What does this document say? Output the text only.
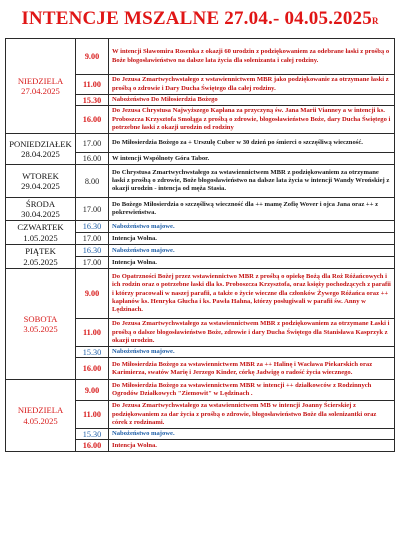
INTENCJE MSZALNE 27.04.- 04.05.2025R
NIEDZIELA
27.04.2025	9.00	W intencji Sławomira Rosenka z okazji 60 urodzin z podziękowaniem za odebrane łaski z prośbą o Boże błogosławieństwo na dalsze lata życia dla solenizanta i całej rodziny.
	11.00	Do Jezusa Zmartwychwstałego z wstawiennictwem MBR jako podziękowanie za otrzymane łaski z prośbą o zdrowie i Dary Ducha Świętego dla całej rodziny.
	15.30	Nabożeństwo Do Miłosierdzia Bożego
	16.00	Do Jezusa Chrystusa Najwyższego Kapłana za przyczyną św. Jana Marii Vianney a w intencji ks. Proboszcza Krzysztofa Smołąga z prośbą o zdrowie, błogosławieństwo Boże, dary Ducha Świętego i potrzebne łaski z okazji urodzin od rodziny

PONIEDZIAŁEK
28.04.2025	17.00	Do Miłosierdzia Bożego za + Urszulę Cuber w 30 dzień po śmierci o szczęśliwą wieczność.
	16.00	W intencji Wspólnoty Góra Tabor.

WTOREK
29.04.2025	8.00	Do Chrystusa Zmartwychwstałego za wstawiennictwem MBR z podziękowaniem za otrzymane łaski z prośbą o zdrowie, Boże błogosławieństwo na dalsze lata życia w intencji Wandy Wrońskiej z okazji urodzin - intencja od męża Stasia.

ŚRODA
30.04.2025	17.00	Do Bożego Miłosierdzia o szczęśliwą wieczność dla ++ mamę Zofię Wover i ojca Jana oraz ++ z pokrewieństwa.

CZWARTEK
1.05.2025	16.30	Nabożeństwo majowe.
	17.00	Intencja Wolna.

PIĄTEK
2.05.2025	16.30	Nabożeństwo majowe.
	17.00	Intencja Wolna.

SOBOTA
3.05.2025	9.00	Do Opatrzności Bożej przez wstawiennictwo MBR z prośbą o opiekę Bożą dla Roż Różańcowych i ich rodzin oraz o potrzebne łaski dla ks. Proboszcza Krzysztofa, oraz księży pochodzących z parafii i którzy pracowali w naszej parafii, a także o życie wieczne dla członków Żywego Różańca oraz ++ kapłanów ks. Henryka Głucha i ks. Pawła Hahna, którzy posługiwali w parafii św. Anny w Lędzinach.
	11.00	Do Jezusa Zmartwychwstałego za wstawiennictwem MBR z podziękowaniem za otrzymane Łaski i prośbą o dalsze błogosławieństwo Boże, zdrowie i dary Ducha Świętego dla Stanisława Kasprzyk z okazji urodzin.
	15.30	Nabożeństwo majowe.
	16.00	Do Miłosierdzia Bożego za wstawiennictwem MBR za ++ Halinę i Wacława Piekarskich oraz Karimierza, swatów Marię i Jerzego Kinder, córkę Jadwigę o radość życia wiecznego.

NIEDZIELA
4.05.2025	9.00	Do Miłosierdzia Bożego za wstawiennictwem MBR w intencji ++ działkowców z Rodzinnych Ogrodów Działkowych "Ziemowit" w Lędzinach .
	11.00	Do Jezusa Zmartwychwstałego za wstawiennictwem MB w intencji Joanny Ścierskiej z podziękowaniem za dar życia z prośbą o zdrowie, błogosławieństwo Boże dla solenizantki oraz córek z rodzinami.
	15.30	Nabożeństwo majowe.
	16.00	Intencja Wolna.
